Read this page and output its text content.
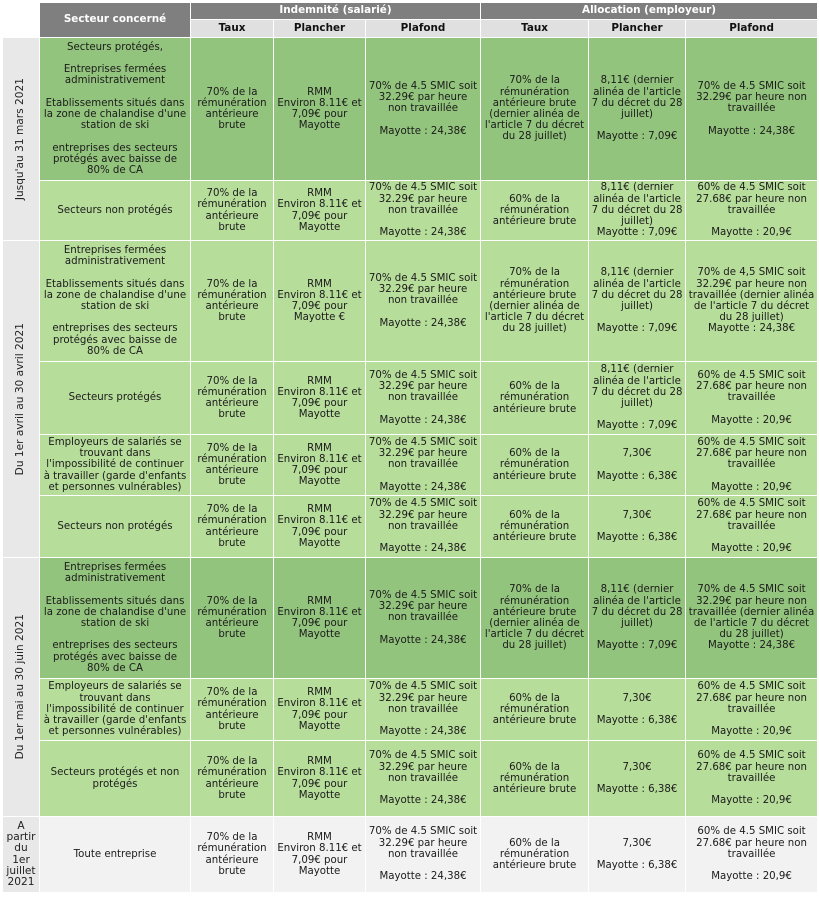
	Secteur concerné	Indemnité (salarié)			Allocation (employeur)		
		Taux	Plancher	Plafond	Taux	Plancher	Plafond

Jusqu'au 31 mars 2021	Secteurs protégés,

Entreprises fermées administrativement

Etablissements situés dans la zone de chalandise d'une station de ski

entreprises des secteurs protégés avec baisse de 80% de CA	70% de la rémunération antérieure brute	RMM
Environ 8.11€ et 7,09€ pour Mayotte	70% de 4.5 SMIC soit 32.29€ par heure non travaillée

Mayotte : 24,38€	70% de la rémunération antérieure brute (dernier alinéa de l'article 7 du décret du 28 juillet)	8,11€ (dernier alinéa de l'article 7 du décret du 28 juillet)

Mayotte : 7,09€	70% de 4.5 SMIC soit 32.29€ par heure non travaillée

Mayotte : 24,38€
	Secteurs non protégés	70% de la rémunération antérieure brute	RMM
Environ 8.11€ et 7,09€ pour Mayotte	70% de 4.5 SMIC soit 32.29€ par heure non travaillée

Mayotte : 24,38€	60% de la rémunération antérieure brute	8,11€ (dernier alinéa de l'article 7 du décret du 28 juillet)
Mayotte : 7,09€	60% de 4.5 SMIC soit 27.68€ par heure non travaillée

Mayotte : 20,9€

Du 1er avril au 30 avril 2021	Entreprises fermées administrativement

Etablissements situés dans la zone de chalandise d'une station de ski

entreprises des secteurs protégés avec baisse de 80% de CA	70% de la rémunération antérieure brute	RMM
Environ 8.11€ et 7,09€ pour Mayotte €	70% de 4.5 SMIC soit 32.29€ par heure non travaillée

Mayotte : 24,38€	70% de la rémunération antérieure brute (dernier alinéa de l'article 7 du décret du 28 juillet)	8,11€ (dernier alinéa de l'article 7 du décret du 28 juillet)

Mayotte : 7,09€	70% de 4,5 SMIC soit 32.29€ par heure non travaillée (dernier alinéa de l'article 7 du décret du 28 juillet)
Mayotte : 24,38€
	Secteurs protégés	70% de la rémunération antérieure brute	RMM
Environ 8.11€ et 7,09€ pour Mayotte	70% de 4.5 SMIC soit 32.29€ par heure non travaillée

Mayotte : 24,38€	60% de la rémunération antérieure brute	8,11€ (dernier alinéa de l'article 7 du décret du 28 juillet)

Mayotte : 7,09€	60% de 4.5 SMIC soit 27.68€ par heure non travaillée

Mayotte : 20,9€
	Employeurs de salariés se trouvant dans l'impossibilité de continuer à travailler (garde d'enfants et personnes vulnérables)	70% de la rémunération antérieure brute	RMM
Environ 8.11€ et 7,09€ pour Mayotte	70% de 4.5 SMIC soit 32.29€ par heure non travaillée

Mayotte : 24,38€	60% de la rémunération antérieure brute	7,30€

Mayotte : 6,38€	60% de 4.5 SMIC soit 27.68€ par heure non travaillée

Mayotte : 20,9€
	Secteurs non protégés	70% de la rémunération antérieure brute	RMM
Environ 8.11€ et 7,09€ pour Mayotte	70% de 4.5 SMIC soit 32.29€ par heure non travaillée

Mayotte : 24,38€	60% de la rémunération antérieure brute	7,30€

Mayotte : 6,38€	60% de 4.5 SMIC soit 27.68€ par heure non travaillée

Mayotte : 20,9€

Du 1er mai au 30 juin 2021	Entreprises fermées administrativement

Etablissements situés dans la zone de chalandise d'une station de ski

entreprises des secteurs protégés avec baisse de 80% de CA	70% de la rémunération antérieure brute	RMM
Environ 8.11€ et 7,09€ pour Mayotte	70% de 4.5 SMIC soit 32.29€ par heure non travaillée

Mayotte : 24,38€	70% de la rémunération antérieure brute (dernier alinéa de l'article 7 du décret du 28 juillet)	8,11€ (dernier alinéa de l'article 7 du décret du 28 juillet)

Mayotte : 7,09€	70% de 4.5 SMIC soit 32.29€ par heure non travaillée (dernier alinéa de l'article 7 du décret du 28 juillet)
Mayotte : 24,38€
	Employeurs de salariés se trouvant dans l'impossibilité de continuer à travailler (garde d'enfants et personnes vulnérables)	70% de la rémunération antérieure brute	RMM
Environ 8.11€ et 7,09€ pour Mayotte	70% de 4.5 SMIC soit 32.29€ par heure non travaillée

Mayotte : 24,38€	60% de la rémunération antérieure brute	7,30€

Mayotte : 6,38€	60% de 4.5 SMIC soit 27.68€ par heure non travaillée

Mayotte : 20,9€
	Secteurs protégés et non protégés	70% de la rémunération antérieure brute	RMM
Environ 8.11€ et 7,09€ pour Mayotte	70% de 4.5 SMIC soit 32.29€ par heure non travaillée

Mayotte : 24,38€	60% de la rémunération antérieure brute	7,30€

Mayotte : 6,38€	60% de 4.5 SMIC soit 27.68€ par heure non travaillée

Mayotte : 20,9€
A partir du 1er juillet 2021	Toute entreprise	70% de la rémunération antérieure brute	RMM
Environ 8.11€ et 7,09€ pour Mayotte	70% de 4.5 SMIC soit 32.29€ par heure non travaillée

Mayotte : 24,38€	60% de la rémunération antérieure brute	7,30€

Mayotte : 6,38€	60% de 4.5 SMIC soit 27.68€ par heure non travaillée

Mayotte : 20,9€
